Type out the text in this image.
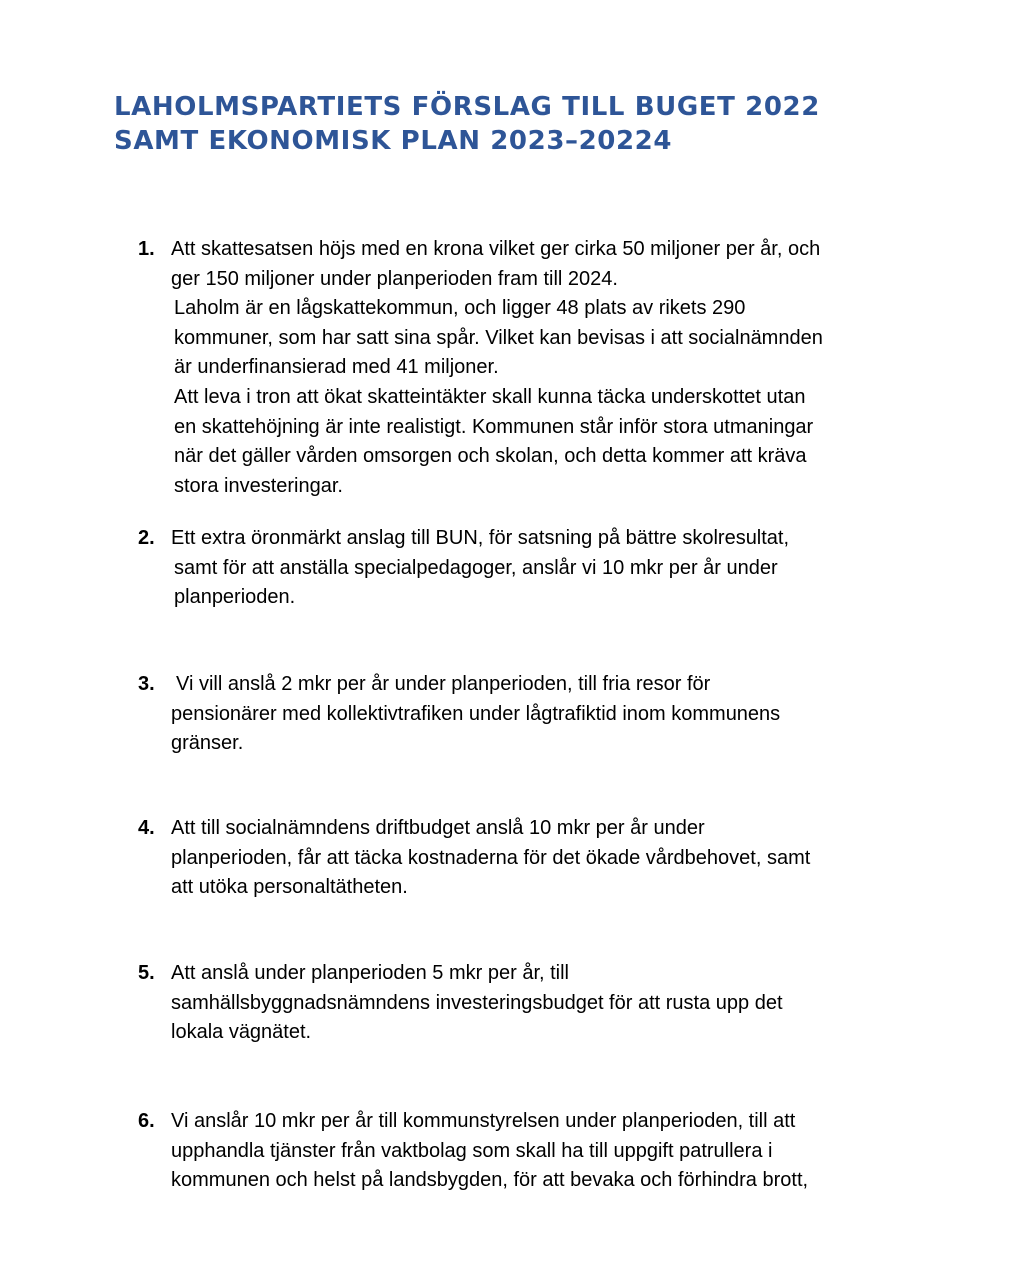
LAHOLMSPARTIETS FÖRSLAG TILL BUGET 2022
SAMT EKONOMISK PLAN 2023–20224
1. Att skattesatsen höjs med en krona vilket ger cirka 50 miljoner per år, och
ger 150 miljoner under planperioden fram till 2024.
Laholm är en lågskattekommun, och ligger 48 plats av rikets 290
kommuner, som har satt sina spår. Vilket kan bevisas i att socialnämnden
är underfinansierad med 41 miljoner.
Att leva i tron att ökat skatteintäkter skall kunna täcka underskottet utan
en skattehöjning är inte realistigt. Kommunen står inför stora utmaningar
när det gäller vården omsorgen och skolan, och detta kommer att kräva
stora investeringar.
2. Ett extra öronmärkt anslag till BUN, för satsning på bättre skolresultat,
samt för att anställa specialpedagoger, anslår vi 10 mkr per år under
planperioden.
3. Vi vill anslå 2 mkr per år under planperioden, till fria resor för
pensionärer med kollektivtrafiken under lågtrafiktid inom kommunens
gränser.
4. Att till socialnämndens driftbudget anslå 10 mkr per år under
planperioden, får att täcka kostnaderna för det ökade vårdbehovet, samt
att utöka personaltätheten.
5. Att anslå under planperioden 5 mkr per år, till
samhällsbyggnadsnämndens investeringsbudget för att rusta upp det
lokala vägnätet.
6. Vi anslår 10 mkr per år till kommunstyrelsen under planperioden, till att
upphandla tjänster från vaktbolag som skall ha till uppgift patrullera i
kommunen och helst på landsbygden, för att bevaka och förhindra brott,
